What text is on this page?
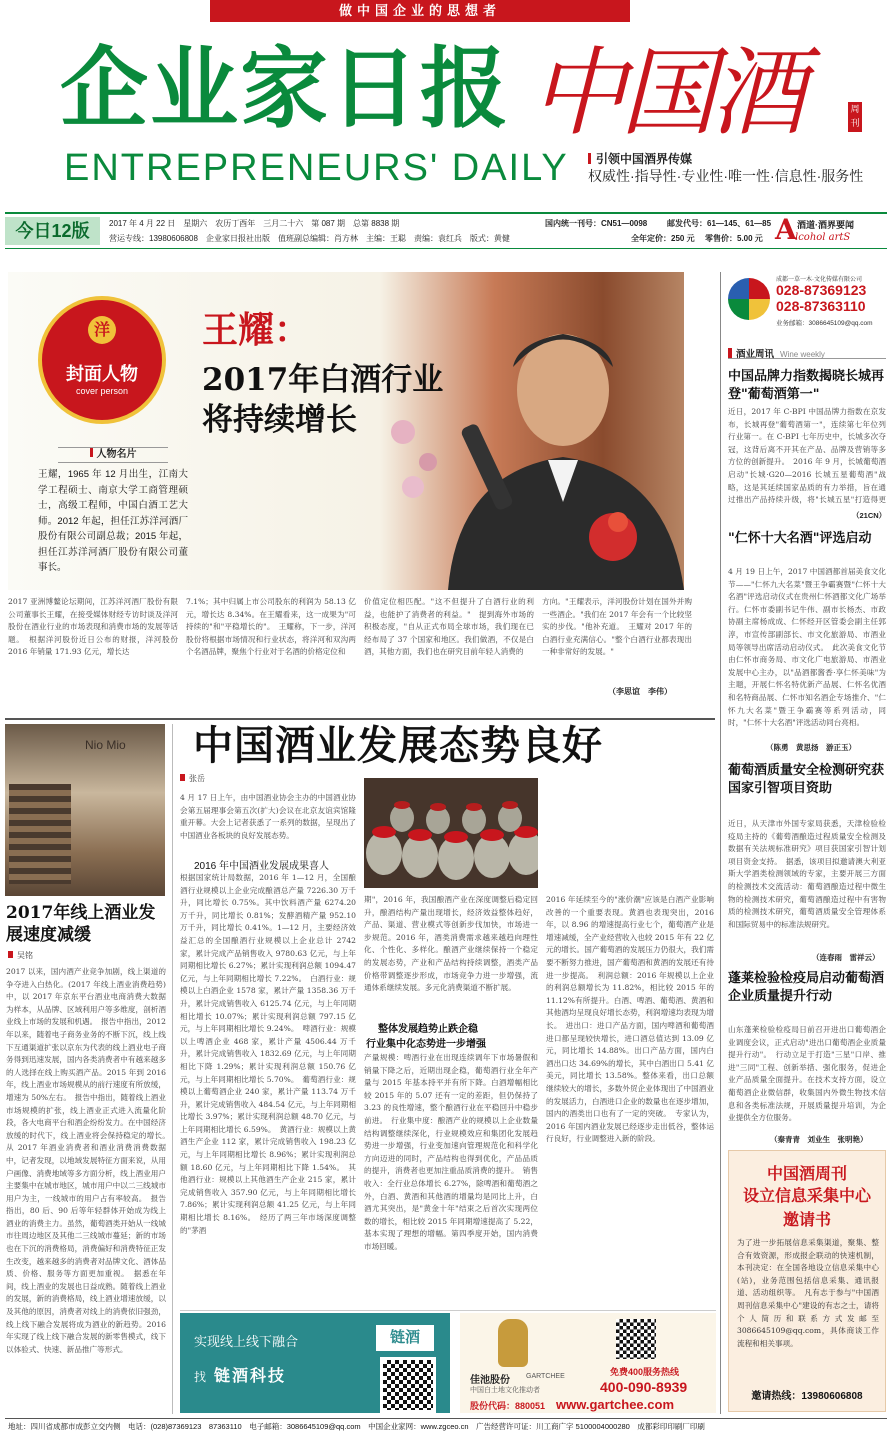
做中国企业的思想者
企业家日报
ENTREPRENEURS' DAILY
中国酒	周刊
引领中国酒界传媒
权威性·指导性·专业性·唯一性·信息性·服务性
今日12版	2017 年 4 月 22 日　星期六　农历丁酉年　三月二十六　第 087 期　总第 8838 期
营运专线：13980606808　企业家日报社出版　值班副总编辑：肖方林　主编：王聪　责编：袁红兵　版式：黄健
国内统一刊号：CN51—0098 邮发代号：61—145、61—85
全年定价：250 元 零售价：5.00 元 A 酒道·酒界要闻
lcohol artS
洋
封面人物
cover person
人物名片
王耀，1965 年 12 月出生，江南大学工程硕士、南京大学工商管理硕士，高级工程师，中国白酒工艺大师。2012 年起，担任江苏洋河酒厂股份有限公司副总裁；2015 年起，担任江苏洋河酒厂股份有限公司董事长。
王耀：
2017年白酒行业
将持续增长
2017 亚洲博鳌论坛期间，江苏洋河酒厂股份有限公司董事长王耀，在接受媒体财经专访时谈及洋河股份在酒业行业的市场表现和消费市场的发展等话题。　根据洋河股份近日公布的财报，洋河股份 2016 年销量 171.93 亿元，增长达
7.1%；其中归属上市公司股东的利润为 58.13 亿元，增长达 8.34%。在王耀看来，这一成果为"可持续的"和"平稳增长的"。　王耀称，下一步，洋河股份将根据市场情况和行业状态，将洋河和双沟两个名酒品牌，聚焦个行业对于名酒的价格定位和
价值定位相匹配。"这不但提升了白酒行业的利益，也能护了消费者的利益。"　提到海外市场的积极态度，"自从正式布局全球市场，我们现在已经布局了 37 个国家和地区。我们做酒，不仅是白酒，其他方面，我们也在研究目前年轻人消费的
方向。"王耀表示，洋河股份计划在国外并购一些酒企。"我们在 2017 年会有一个比较坚实的步伐。"他补充道。　王耀对 2017 年的白酒行业充满信心。"整个白酒行业都表现出一种非常好的发展。"
（李思谊　李伟）
Nio Mio
2017年线上酒业发展速度减缓
吴铭
2017 以来，国内酒产业竞争加剧，线上渠道的争夺进入白热化。(2017 年线上酒业消费趋势)中，以 2017 年京东平台酒业电商消费大数据为样本，从品牌、区域利用户等多维度，剖析酒业线上市场的发展和机遇。　报告中指出，2012 年以来，随着电子商务业务的不断下沉，线上线下互通渠道扩张以京东为代表的线上酒业电子商务得到迅速发展，国内各类消费者中有越来越多的人选择在线上购买酒产品。2015 年到 2016 年，线上酒业市场规模从的前行速度有所放缓，增速为 50%左右。　报告中指出，随着线上酒业市场规模的扩张，线上酒业正式进入流量化阶段，各大电商平台和酒企纷纷发力。在中国经济放缓的时代下，线上酒业将会保持稳定的增长。　从 2017 年酒业消费者和酒业消费消费数据中，记者发现，以地域发展特征方面来说，从用户画像、消费地域等多方面分析，线上酒业用户主要集中在城市地区，城市用户中以二三线城市用户为主，一线城市的用户占有率较高。　报告指出，80 后、90 后等年轻群体开始成为线上酒业的消费主力。虽然，葡萄酒类开始从一线城市往周边地区及其他二三线城市蔓延；新的市场也在下沉的消费格局，消费偏好和消费特征正发生改变，越来越多的消费者对品牌文化、酒体品质、价格、服务等方面更加重视。　据悉在年间，线上酒业的发展也日益成熟。随着线上酒业的发展，新的消费格局，线上酒业增速放缓，以及其他的原因，消费者对线上的消费依旧强劲，线上线下融合发展将成为酒业的新趋势。2016 年实现了线上线下融合发展的新零售模式，线下以体验式、快速、新品推广等形式。
中国酒业发展态势良好
张岳
4 月 17 日上午，由中国酒业协会主办的中国酒业协会第五届理事会第五次(扩大)会议在北京友谊宾馆隆重开幕。大会上记者获悉了一系列的数据，呈现出了中国酒业各板块的良好发展态势。
2016 年中国酒业发展成果喜人
根据国家统计局数据，2016 年 1—12 月，全国酿酒行业规模以上企业完成酿酒总产量 7226.30 万千升，同比增长 0.75%。其中饮料酒产量 6274.20 万千升，同比增长 0.81%；发酵酒精产量 952.10 万千升，同比增长 0.41%。1—12 月，主要经济效益汇总的全国酿酒行业规模以上企业总计 2742 家，累计完成产品销售收入 9780.63 亿元，与上年同期相比增长 6.27%；累计实现利润总额 1094.47 亿元，与上年同期相比增长 7.22%。　白酒行业：规模以上白酒企业 1578 家，累计产量 1358.36 万千升，累计完成销售收入 6125.74 亿元，与上年同期相比增长 10.07%；累计实现利润总额 797.15 亿元，与上年同期相比增长 9.24%。　啤酒行业：规模以上啤酒企业 468 家，累计产量 4506.44 万千升，累计完成销售收入 1832.69 亿元，与上年同期相比下降 1.29%；累计实现利润总额 150.76 亿元，与上年同期相比增长 5.70%。　葡萄酒行业：规模以上葡萄酒企业 240 家，累计产量 113.74 万千升，累计完成销售收入 484.54 亿元，与上年同期相比增长 3.97%；累计实现利润总额 48.70 亿元，与上年同期相比增长 6.59%。　黄酒行业：规模以上黄酒生产企业 112 家，累计完成销售收入 198.23 亿元，与上年同期相比增长 8.96%；累计实现利润总额 18.60 亿元，与上年同期相比下降 1.54%。　其他酒行业：规模以上其他酒生产企业 215 家，累计完成销售收入 357.90 亿元，与上年同期相比增长 7.86%；累计实现利润总额 41.25 亿元，与上年同期相比增长 8.16%。　经历了两三年市场深度调整的"茅酒
期"，2016 年，我国酿酒产业在深度调整后稳定回升，酿酒结构产量出现增长，经济效益整体趋好，产品、渠道、营业模式等创新步伐加快，市场进一步规范。2016 年，酒类消费需求越来越趋向理性化、个性化、多样化。酿酒产业继续保持一个稳定的发展态势，产业和产品结构持续调整，酒类产品价格带调整逐步形成，市场竞争力进一步增强，流通体系继续发展。多元化消费渠道不断扩展。
整体发展趋势止跌企稳
行业集中化态势进一步增强
产量规模：啤酒行业在出现连续调年下市场暑假和销量下降之后，近期出现企稳，葡萄酒行业全年产量与 2015 年基本持平并有所下降。白酒增幅相比较 2015 年的 5.07 还有一定的差距，但仍保持了 3.23 的良性增速，整个酿酒行业在平稳回升中稳步前进。　行业集中度：酿酒产业的规模以上企业数量结构调整继续深化，行业规模效应和集团化发展趋势进一步增强，行业变加速向管理规范化和科学化方向迈进的同时，产品结构也得到优化，产品品质的提升，消费者也更加注重品质消费的提升。　销售收入：全行业总体增长 6.27%，除啤酒和葡萄酒之外，白酒、黄酒和其他酒的增量均是同比上升，白酒尤其突出，是"黄金十年"结束之后首次实现两位数的增长，相比较 2015 年同期增速提高了 5.22，基本实现了理想的增幅。第四季度开始，国内消费市场回暖。
2016 年延续至今的"涨价潮"应该是白酒产业影响改善的一个重要表现。黄酒也表现突出，2016 年，以 8.96 的增速提高行业七个，葡萄酒产业是增速减缓，全产业经营收入也较 2015 年有 22 亿元的增长。国产葡萄酒的发展压力仍很大，我们需要不断努力推进，国产葡萄酒和黄酒的发展还有待进一步提高。　利润总额：2016 年规模以上企业的利润总额增长为 11.82%，相比较 2015 年的 11.12%有所提升。白酒、啤酒、葡萄酒、黄酒和其他酒均呈现良好增长态势，利润增速均表现为增长。　进出口：进口产品方面，国内啤酒和葡萄酒进口都呈现较快增长，进口酒总值达到 13.09 亿元，同比增长 14.88%。出口产品方面，国内白酒出口达 34.69%的增长，其中白酒出口 5.41 亿美元，同比增长 13.58%。整体来看，出口总额继续较大的增长，多数外贸企业体现出了中国酒业的发展活力，白酒进口企业的数量也在逐步增加，国内的酒类出口也有了一定的突破。　专家认为，2016 年国内酒业发展已经逐步走出低谷，整体运行良好，行业调整进入新的阶段。
实现线上线下融合
找 链酒科技
链酒
佳池股份 GARTCHEE
中国白土地文化推动者
股份代码：880051
免费400服务热线
400-090-8939
www.gartchee.com
成都一草一木·文化传媒有限公司
028-87369123
028-87363110
业务邮箱：3086645109@qq.com
酒业周讯 Wine weekly
中国品牌力指数揭晓长城再登"葡萄酒第一"
近日，2017 年 C-BPI 中国品牌力指数在京发布，长城再登"葡萄酒第一"，连续第七年位列行业第一。在 C-BPI 七年历史中，长城多次夺冠，这背后离不开其在产品、品牌及营销等多方位的创新提升。　2016 年 9 月，长城葡萄酒启动"长城·G20—2016 长城五星葡萄酒"战略，这是其延续国家品质的有力举措，旨在通过推出产品持续升级，将"长城五星"打造得更
（21CN）
"仁怀十大名酒"评选启动
4 月 19 日上午，2017 中国酒都首届美食文化节——"仁怀九大名菜"暨王争霸赛暨"仁怀十大名酒"评选启动仪式在贵州仁怀酒都文化广场举行。仁怀市委副书记牛伟、副市长杨杰、市政协副主席杨成成、仁怀经开区管委会副主任郭淳，市宣传部副部长、市文化旅游局、市酒业局等领导出席活动启动仪式。　此次美食文化节由仁怀市商务局、市文化广电旅游局、市酒业发展中心主办，以"品酒都酱香·享仁怀美味"为主题，开展仁怀名特优新产品展、仁怀名优酒和名特商品展、仁怀市知名酒企专场推介、"仁怀九大名菜"暨王争霸赛等系列活动，同时，"仁怀十大名酒"评选活动同台亮相。
（陈勇　黄思扬　游正玉）
葡萄酒质量安全检测研究获国家引智项目资助
近日，从天津市外国专家局获悉，天津检验检疫局主持的《葡萄酒酿造过程质量安全检测及数据有关法规标准研究》项目获国家引智计划项目资金支持。　据悉，该项目拟邀请澳大利亚斯大学酒类检测领域的专家，主要开展三方面的检测技术交流活动：葡萄酒酿造过程中微生物的检测技术研究，葡萄酒酿造过程中有害物质的检测技术研究，葡萄酒质量安全管理体系和国际贸易中的标准法规研究。
（连春雨　雷祥云）
蓬莱检验检疫局启动葡萄酒企业质量提升行动
山东蓬莱检验检疫局日前召开进出口葡萄酒企业调度会议，正式启动"进出口葡萄酒企业质量提升行动"。　行动立足于打造"三星"口岸、推进"三同"工程、创新举措、强化服务，促进企业产品质量全面提升。在技术支持方面，设立葡萄酒企业微信群，收集国内外微生物技术信息和各类标准法规，开展质量提升培训，为企业提供全方位服务。
（秦青青　刘业生　张明艳）
中国酒周刊
设立信息采集中心
邀请书
为了进一步拓展信息采集渠道，聚集、整合有效资源，形成报企联动的快速机制，本刊决定：在全国各地设立信息采集中心(站)，业务范围包括信息采集、通讯报道、活动组织等。　凡有志于参与"中国酒周刊信息采集中心"建设的有志之士，请将个人简历和联系方式发邮至3086645109@qq.com，具体商谈工作流程和相关事项。
邀请热线：13980606808
地址：四川省成都市成彭立交内侧　电话：(028)87369123　87363110　电子邮箱：3086645109@qq.com　中国企业家网：www.zgceo.cn　广告经营许可证：川工商广字 5100004000280　成都彩印印刷厂印刷
